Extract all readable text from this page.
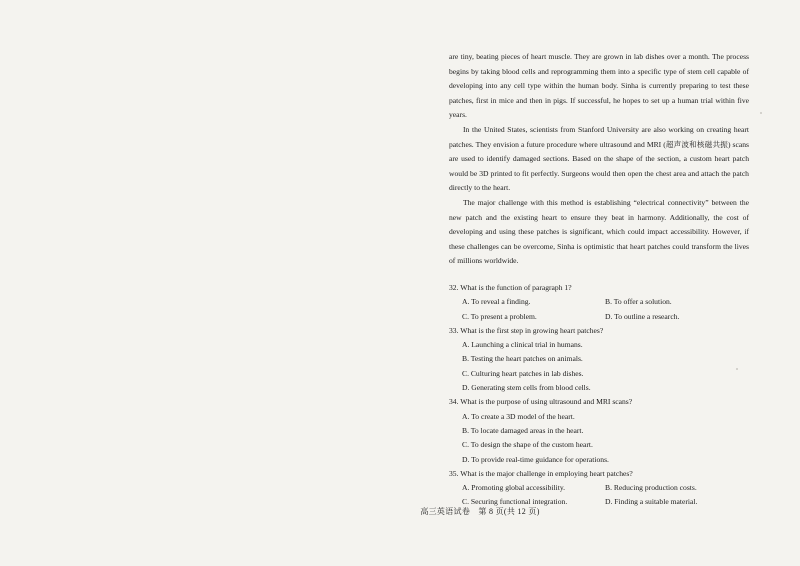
are tiny, beating pieces of heart muscle. They are grown in lab dishes over a month. The process begins by taking blood cells and reprogramming them into a specific type of stem cell capable of developing into any cell type within the human body. Sinha is currently preparing to test these patches, first in mice and then in pigs. If successful, he hopes to set up a human trial within five years.

In the United States, scientists from Stanford University are also working on creating heart patches. They envision a future procedure where ultrasound and MRI (超声波和核磁共振) scans are used to identify damaged sections. Based on the shape of the section, a custom heart patch would be 3D printed to fit perfectly. Surgeons would then open the chest area and attach the patch directly to the heart.

The major challenge with this method is establishing “electrical connectivity” between the new patch and the existing heart to ensure they beat in harmony. Additionally, the cost of developing and using these patches is significant, which could impact accessibility. However, if these challenges can be overcome, Sinha is optimistic that heart patches could transform the lives of millions worldwide.

32. What is the function of paragraph 1?

A. To reveal a finding.	B. To offer a solution.
C. To present a problem.	D. To outline a research.

33. What is the first step in growing heart patches?

A. Launching a clinical trial in humans.

B. Testing the heart patches on animals.

C. Culturing heart patches in lab dishes.

D. Generating stem cells from blood cells.

34. What is the purpose of using ultrasound and MRI scans?

A. To create a 3D model of the heart.

B. To locate damaged areas in the heart.

C. To design the shape of the custom heart.

D. To provide real-time guidance for operations.

35. What is the major challenge in employing heart patches?

A. Promoting global accessibility.	B. Reducing production costs.
C. Securing functional integration.	D. Finding a suitable material.
高三英语试卷　第 8 页(共 12 页)
